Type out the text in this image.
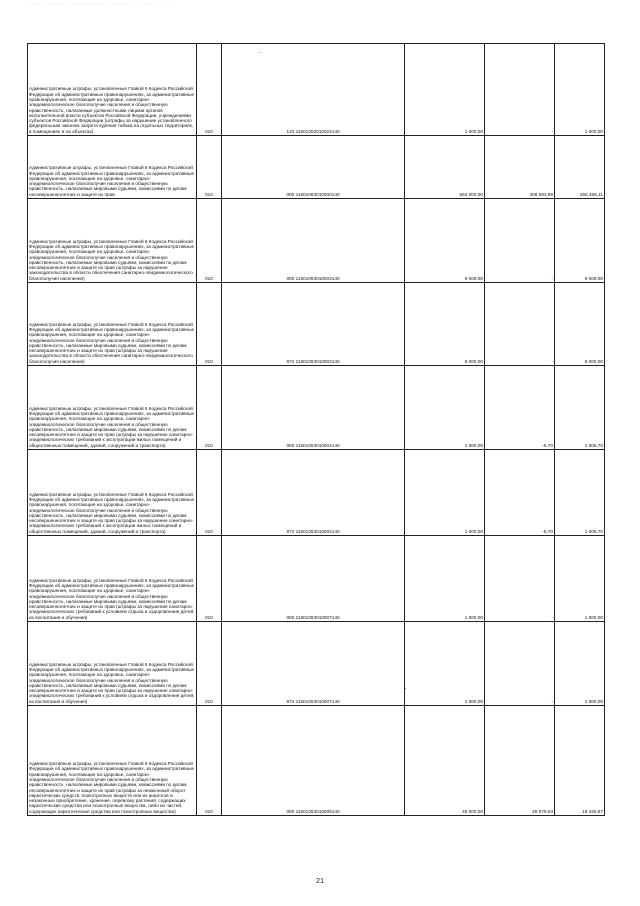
· ··· ····· ··· ········ ···· · ···· · · ·
Административные штрафы, установленные Главой 6 Кодекса Российской Федерации об административных правонарушениях, за административные правонарушения, посягающие на здоровье, санитарно-эпидемиологическое благополучие населения и общественную нравственность, налагаемые должностными лицами органов исполнительной власти субъектов Российской Федерации, учреждениями субъектов Российской Федерации (штрафы за нарушение установленного федеральным законом запрета курения табака на отдельных территориях, в помещениях и на объектах)	010	133 11601062010024140	1 000,00	-	1 000,00
Административные штрафы, установленные Главой 6 Кодекса Российской Федерации об административных правонарушениях, за административные правонарушения, посягающие на здоровье, санитарно-эпидемиологическое благополучие населения и общественную нравственность, налагаемые мировыми судьями, комиссиями по делам несовершеннолетних и защите их прав	010	000 11601063010000140	564 000,00	308 593,89	255 406,11
Административные штрафы, установленные Главой 6 Кодекса Российской Федерации об административных правонарушениях, за административные правонарушения, посягающие на здоровье, санитарно-эпидемиологическое благополучие населения и общественную нравственность, налагаемые мировыми судьями, комиссиями по делам несовершеннолетних и защите их прав (штрафы за нарушение законодательства в области обеспечения санитарно-эпидемиологического благополучия населения)	010	000 11601063010003140	6 000,00	-	6 000,00
Административные штрафы, установленные Главой 6 Кодекса Российской Федерации об административных правонарушениях, за административные правонарушения, посягающие на здоровье, санитарно-эпидемиологическое благополучие населения и общественную нравственность, налагаемые мировыми судьями, комиссиями по делам несовершеннолетних и защите их прав (штрафы за нарушение законодательства в области обеспечения санитарно-эпидемиологического благополучия населения)	010	972 11601063010003140	6 000,00	-	6 000,00
Административные штрафы, установленные Главой 6 Кодекса Российской Федерации об административных правонарушениях, за административные правонарушения, посягающие на здоровье, санитарно-эпидемиологическое благополучие населения и общественную нравственность, налагаемые мировыми судьями, комиссиями по делам несовершеннолетних и защите их прав (штрафы за нарушение санитарно-эпидемиологических требований к эксплуатации жилых помещений и общественных помещений, зданий, сооружений и транспорта)	010	000 11601063010004140	1 000,00	-5,70	1 005,70
Административные штрафы, установленные Главой 6 Кодекса Российской Федерации об административных правонарушениях, за административные правонарушения, посягающие на здоровье, санитарно-эпидемиологическое благополучие населения и общественную нравственность, налагаемые мировыми судьями, комиссиями по делам несовершеннолетних и защите их прав (штрафы за нарушение санитарно-эпидемиологических требований к эксплуатации жилых помещений и общественных помещений, зданий, сооружений и транспорта)	010	972 11601063010004140	1 000,00	-5,70	1 005,70
Административные штрафы, установленные Главой 6 Кодекса Российской Федерации об административных правонарушениях, за административные правонарушения, посягающие на здоровье, санитарно-эпидемиологическое благополучие населения и общественную нравственность, налагаемые мировыми судьями, комиссиями по делам несовершеннолетних и защите их прав (штрафы за нарушение санитарно-эпидемиологических требований к условиям отдыха и оздоровления детей, их воспитания и обучения)	010	000 11601063010007140	1 000,00	-	1 000,00
Административные штрафы, установленные Главой 6 Кодекса Российской Федерации об административных правонарушениях, за административные правонарушения, посягающие на здоровье, санитарно-эпидемиологическое благополучие населения и общественную нравственность, налагаемые мировыми судьями, комиссиями по делам несовершеннолетних и защите их прав (штрафы за нарушение санитарно-эпидемиологических требований к условиям отдыха и оздоровления детей, их воспитания и обучения)	010	972 11601063010007140	1 000,00	-	1 000,00
Административные штрафы, установленные Главой 6 Кодекса Российской Федерации об административных правонарушениях, за административные правонарушения, посягающие на здоровье, санитарно-эпидемиологическое благополучие населения и общественную нравственность, налагаемые мировыми судьями, комиссиями по делам несовершеннолетних и защите их прав (штрафы за незаконный оборот наркотических средств, психотропных веществ или их аналогов и незаконные приобретение, хранение, перевозку растений, содержащих наркотические средства или психотропные вещества, либо их частей, содержащих наркотические средства или психотропные вещества)	010	000 11601063010008140	45 000,00	26 579,03	18 420,97
21
